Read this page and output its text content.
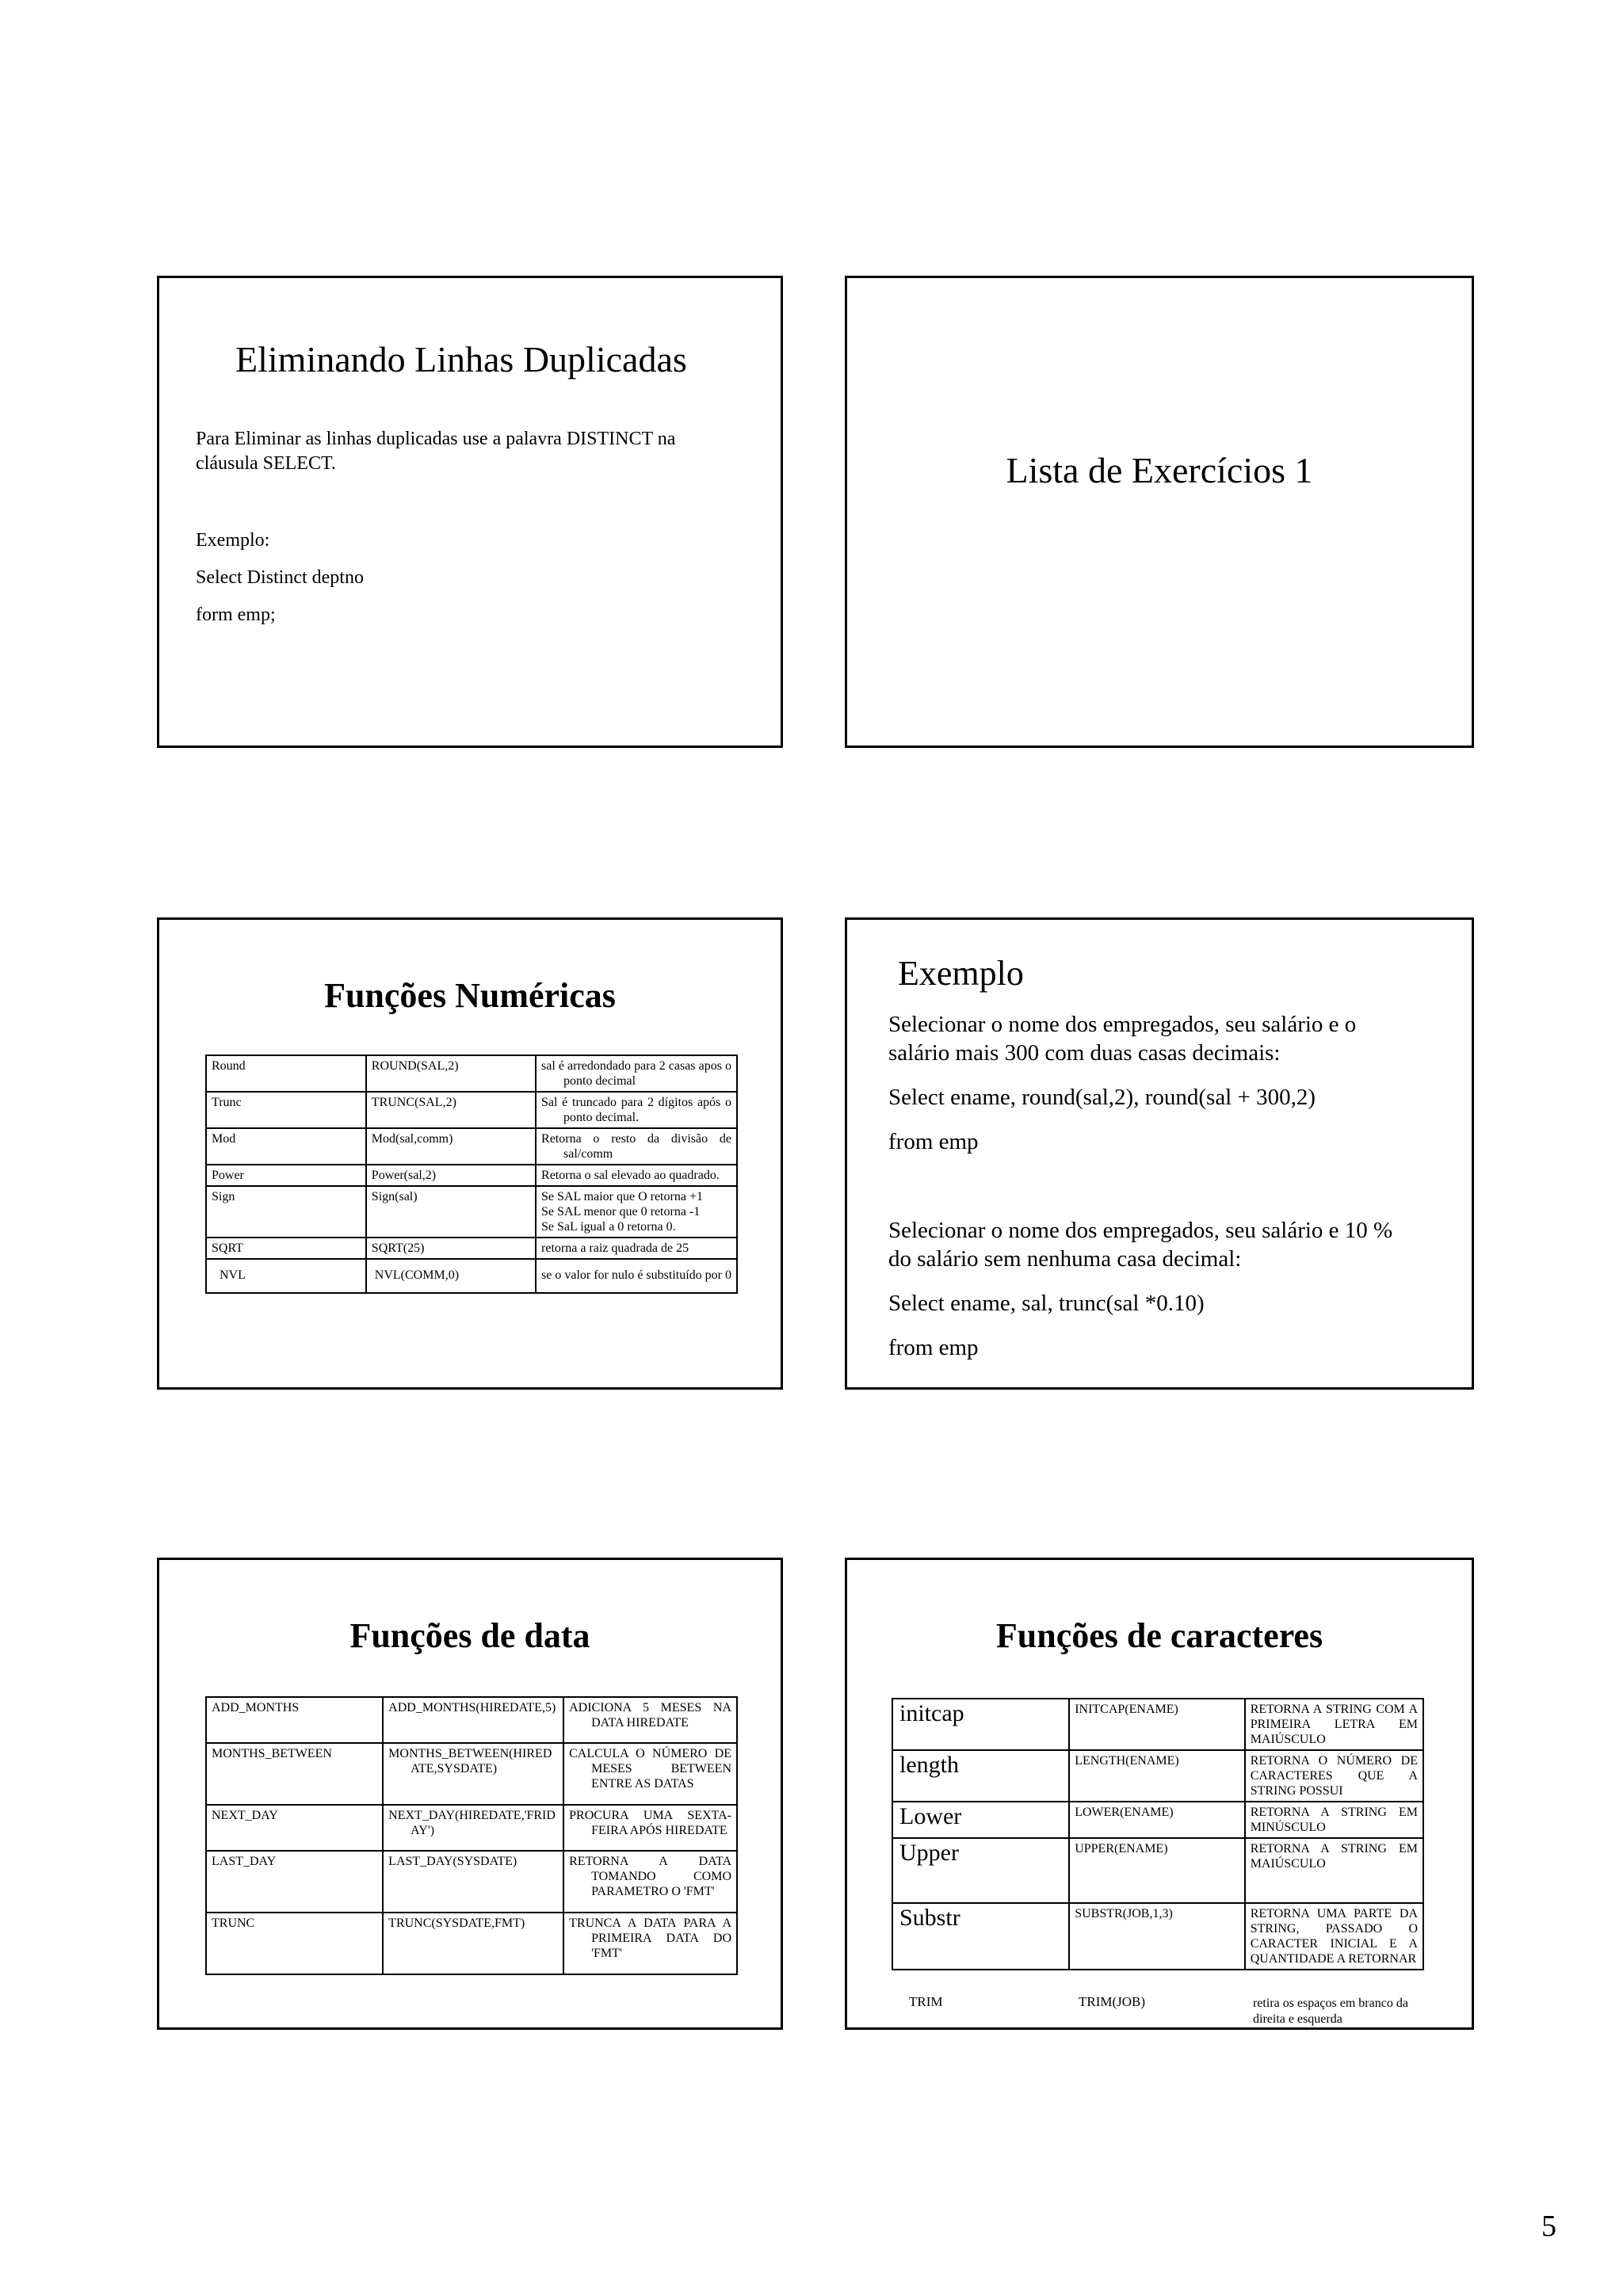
Eliminando Linhas Duplicadas
Para Eliminar as linhas duplicadas use a palavra DISTINCT na
cláusula SELECT.
Exemplo:
Select Distinct deptno
form emp;
Lista de Exercícios 1
Funções Numéricas
Round	ROUND(SAL,2)	sal é arredondado para 2 casas apos o ponto decimal

Trunc	TRUNC(SAL,2)	Sal é truncado para 2 dígitos após o ponto decimal.

Mod	Mod(sal,comm)	Retorna o resto da divisão de sal/comm

Power	Power(sal,2)	Retorna o sal elevado ao quadrado.

Sign	Sign(sal)	Se SAL maior que O retorna +1
Se SAL menor que 0 retorna -1
Se SaL igual a 0 retorna 0.

SQRT	SQRT(25)	retorna a raiz quadrada de 25

NVL	NVL(COMM,0)	se o valor for nulo é substituído por 0
Exemplo
Selecionar o nome dos empregados, seu salário e o
salário mais 300 com duas casas decimais:
Select ename, round(sal,2), round(sal + 300,2)
from emp
Selecionar o nome dos empregados, seu salário e 10 %
do salário sem nenhuma casa decimal:
Select ename, sal, trunc(sal *0.10)
from emp
Funções de data
ADD_MONTHS	ADD_MONTHS(HIREDATE,5)	ADICIONA 5 MESES NA DATA HIREDATE

MONTHS_BETWEEN	MONTHS_BETWEEN(HIREDATE,SYSDATE)	CALCULA O NÚMERO DE MESES BETWEEN ENTRE AS DATAS

NEXT_DAY	NEXT_DAY(HIREDATE,'FRIDAY')	PROCURA UMA SEXTA-FEIRA APÓS HIREDATE

LAST_DAY	LAST_DAY(SYSDATE)	RETORNA A DATA TOMANDO COMO PARAMETRO O 'FMT'

TRUNC	TRUNC(SYSDATE,FMT)	TRUNCA A DATA PARA A PRIMEIRA DATA DO 'FMT'
Funções de caracteres
initcap	INITCAP(ENAME)	RETORNA A STRING COM A PRIMEIRA LETRA EM MAIÚSCULO
length	LENGTH(ENAME)	RETORNA O NÚMERO DE CARACTERES QUE A STRING POSSUI
Lower	LOWER(ENAME)	RETORNA A STRING EM MINÚSCULO
Upper	UPPER(ENAME)	RETORNA A STRING EM MAIÚSCULO
Substr	SUBSTR(JOB,1,3)	RETORNA UMA PARTE DA STRING, PASSADO O CARACTER INICIAL E A QUANTIDADE A RETORNAR
TRIM	TRIM(JOB)	retira os espaços em branco da direita e esquerda
5
